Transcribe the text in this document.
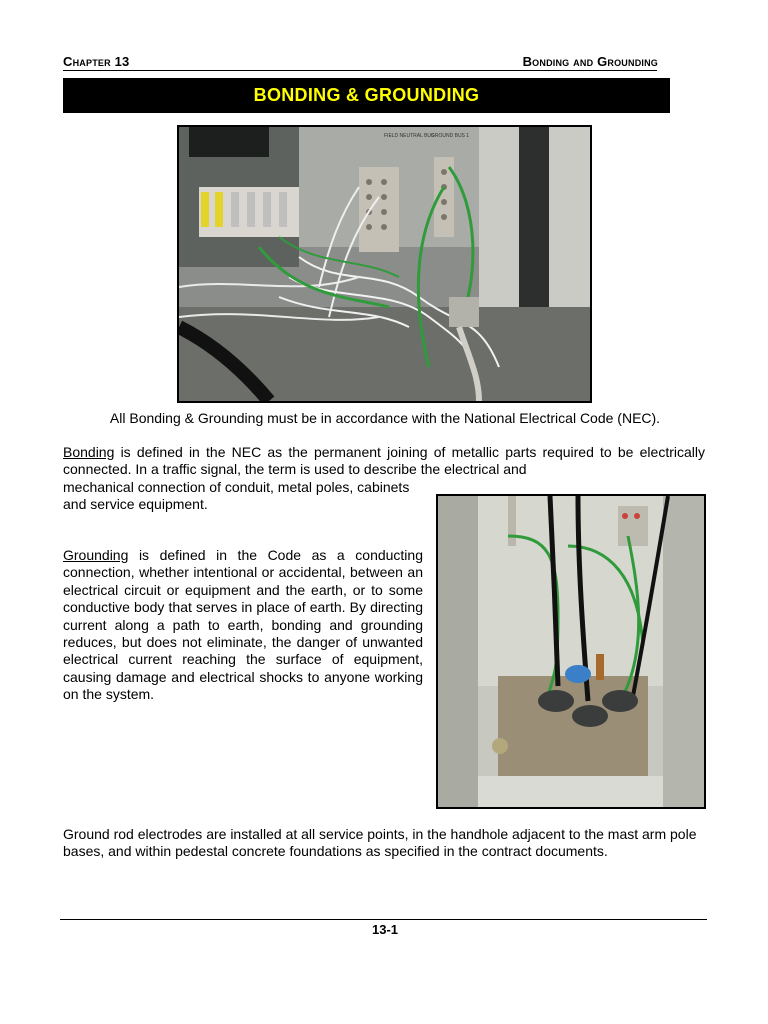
Chapter 13	Bonding and Grounding
BONDING & GROUNDING
FIELD NEUTRAL BUS
GROUND BUS 1
All Bonding & Grounding must be in accordance with the National Electrical Code (NEC).
Bonding is defined in the NEC as the permanent joining of metallic parts required to be electrically connected. In a traffic signal, the term is used to describe the electrical and
mechanical connection of conduit, metal poles, cabinets and service equipment.
Grounding is defined in the Code as a conducting connection, whether intentional or accidental, between an electrical circuit or equipment and the earth, or to some conductive body that serves in place of earth. By directing current along a path to earth, bonding and grounding reduces, but does not eliminate, the danger of unwanted electrical current reaching the surface of equipment, causing damage and electrical shocks to anyone working on the system.
Ground rod electrodes are installed at all service points, in the handhole adjacent to the mast arm pole bases, and within pedestal concrete foundations as specified in the contract documents.
13-1
